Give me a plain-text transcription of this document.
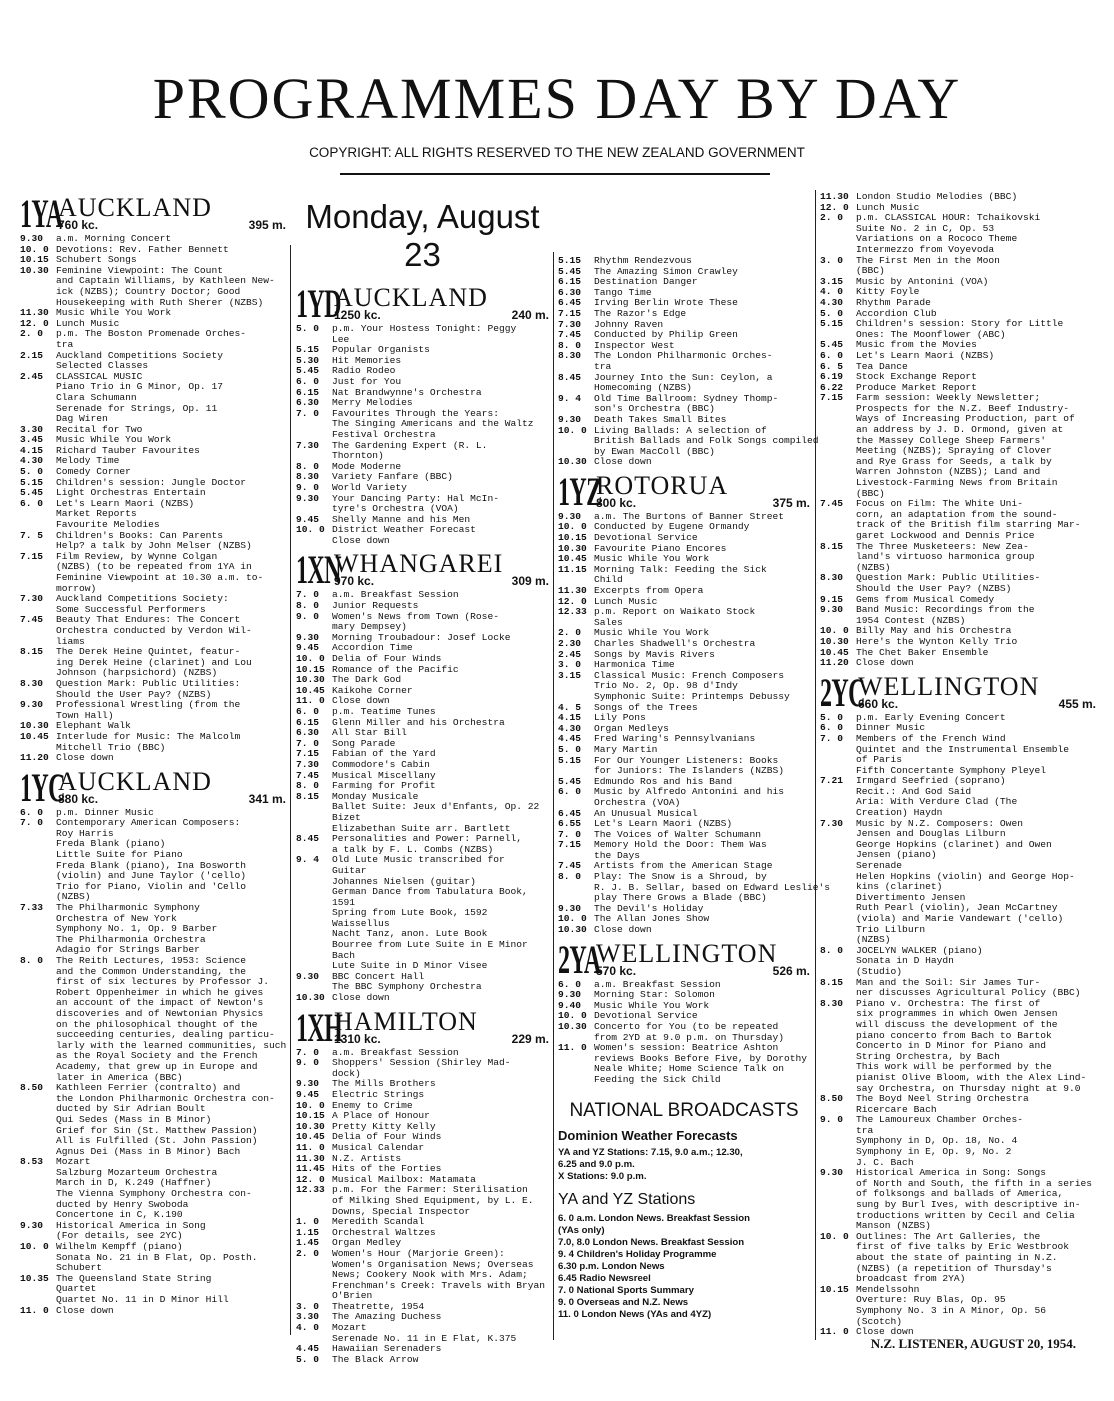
PROGRAMMES DAY BY DAY
COPYRIGHT: ALL RIGHTS RESERVED TO THE NEW ZEALAND GOVERNMENT
1YA
AUCKLAND
760 kc.	395 m.
9.30	a.m. Morning Concert
10. 0 Devotions: Rev. Father Bennett
10.15 Schubert Songs
10.30 Feminine Viewpoint: The Count
and Captain Williams, by Kathleen New-
ick (NZBS); Country Doctor; Good
Housekeeping with Ruth Sherer (NZBS)
11.30 Music While You Work
12. 0 Lunch Music
2. 0	p.m. The Boston Promenade Orches-
tra
2.15	Auckland Competitions Society
Selected Classes
2.45	CLASSICAL MUSIC
Piano Trio in G Minor, Op. 17
Clara Schumann
Serenade for Strings, Op. 11
Dag Wiren
3.30	Recital for Two
3.45	Music While You Work
4.15	Richard Tauber Favourites
4.30	Melody Time
5. 0	Comedy Corner
5.15	Children's session: Jungle Doctor
5.45	Light Orchestras Entertain
6. 0	Let's Learn Maori (NZBS)
Market Reports
Favourite Melodies
7. 5	Children's Books: Can Parents
Help? a talk by John Melser (NZBS)
7.15	Film Review, by Wynne Colgan
(NZBS) (to be repeated from 1YA in
Feminine Viewpoint at 10.30 a.m. to-
morrow)
7.30	Auckland Competitions Society:
Some Successful Performers
7.45	Beauty That Endures: The Concert
Orchestra conducted by Verdon Wil-
liams
8.15	The Derek Heine Quintet, featur-
ing Derek Heine (clarinet) and Lou
Johnson (harpsichord) (NZBS)
8.30	Question Mark: Public Utilities:
Should the User Pay? (NZBS)
9.30	Professional Wrestling (from the
Town Hall)
10.30 Elephant Walk
10.45 Interlude for Music: The Malcolm
Mitchell Trio (BBC)
11.20 Close down
1YC
AUCKLAND
880 kc.	341 m.
6. 0	p.m. Dinner Music
7. 0	Contemporary American Composers:
Roy Harris
Freda Blank (piano)
Little Suite for Piano
Freda Blank (piano), Ina Bosworth
(violin) and June Taylor ('cello)
Trio for Piano, Violin and 'Cello
(NZBS)
7.33	The Philharmonic Symphony
Orchestra of New York
Symphony No. 1, Op. 9 Barber
The Philharmonia Orchestra
Adagio for Strings Barber
8. 0	The Reith Lectures, 1953: Science
and the Common Understanding, the
first of six lectures by Professor J.
Robert Oppenheimer in which he gives
an account of the impact of Newton's
discoveries and of Newtonian Physics
on the philosophical thought of the
succeeding centuries, dealing particu-
larly with the learned communities, such
as the Royal Society and the French
Academy, that grew up in Europe and
later in America (BBC)
8.50	Kathleen Ferrier (contralto) and
the London Philharmonic Orchestra con-
ducted by Sir Adrian Boult
Qui Sedes (Mass in B Minor)
Grief for Sin (St. Matthew Passion)
All is Fulfilled (St. John Passion)
Agnus Dei (Mass in B Minor) Bach
8.53	Mozart
Salzburg Mozarteum Orchestra
March in D, K.249 (Haffner)
The Vienna Symphony Orchestra con-
ducted by Henry Swoboda
Concertone in C, K.190
9.30	Historical America in Song
(For details, see 2YC)
10. 0 Wilhelm Kempff (piano)
Sonata No. 21 in B Flat, Op. Posth.
Schubert
10.35 The Queensland State String
Quartet
Quartet No. 11 in D Minor Hill
11. 0 Close down
Monday, August 23
1YD
AUCKLAND
1250 kc.	240 m.
5. 0	p.m. Your Hostess Tonight: Peggy
Lee
5.15	Popular Organists
5.30	Hit Memories
5.45	Radio Rodeo
6. 0	Just for You
6.15	Nat Brandwynne's Orchestra
6.30	Merry Melodies
7. 0	Favourites Through the Years:
The Singing Americans and the Waltz
Festival Orchestra
7.30	The Gardening Expert (R. L.
Thornton)
8. 0	Mode Moderne
8.30	Variety Fanfare (BBC)
9. 0	World Variety
9.30	Your Dancing Party: Hal McIn-
tyre's Orchestra (VOA)
9.45	Shelly Manne and his Men
10. 0 District Weather Forecast
Close down
1XN
WHANGAREI
970 kc.	309 m.
7. 0	a.m. Breakfast Session
8. 0	Junior Requests
9. 0	Women's News from Town (Rose-
mary Dempsey)
9.30	Morning Troubadour: Josef Locke
9.45	Accordion Time
10. 0 Delia of Four Winds
10.15 Romance of the Pacific
10.30 The Dark God
10.45 Kaikohe Corner
11. 0 Close down
6. 0	p.m. Teatime Tunes
6.15	Glenn Miller and his Orchestra
6.30	All Star Bill
7. 0	Song Parade
7.15	Fabian of the Yard
7.30	Commodore's Cabin
7.45	Musical Miscellany
8. 0	Farming for Profit
8.15	Monday Musicale
Ballet Suite: Jeux d'Enfants, Op. 22
Bizet
Elizabethan Suite arr. Bartlett
8.45	Personalities and Power: Parnell,
a talk by F. L. Combs (NZBS)
9. 4	Old Lute Music transcribed for
Guitar
Johannes Nielsen (guitar)
German Dance from Tabulatura Book,
1591
Spring from Lute Book, 1592
Waissellus
Nacht Tanz, anon. Lute Book
Bourree from Lute Suite in E Minor
Bach
Lute Suite in D Minor Visee
9.30	BBC Concert Hall
The BBC Symphony Orchestra
10.30 Close down
1XH
HAMILTON
1310 kc.	229 m.
7. 0	a.m. Breakfast Session
9. 0	Shoppers' Session (Shirley Mad-
dock)
9.30	The Mills Brothers
9.45	Electric Strings
10. 0 Enemy to Crime
10.15 A Place of Honour
10.30 Pretty Kitty Kelly
10.45 Delia of Four Winds
11. 0 Musical Calendar
11.30 N.Z. Artists
11.45 Hits of the Forties
12. 0 Musical Mailbox: Matamata
12.33 p.m. For the Farmer: Sterilisation
of Milking Shed Equipment, by L. E.
Downs, Special Inspector
1. 0	Meredith Scandal
1.15	Orchestral Waltzes
1.45	Organ Medley
2. 0	Women's Hour (Marjorie Green):
Women's Organisation News; Overseas
News; Cookery Nook with Mrs. Adam;
Frenchman's Creek: Travels with Bryan
O'Brien
3. 0	Theatrette, 1954
3.30	The Amazing Duchess
4. 0	Mozart
Serenade No. 11 in E Flat, K.375
4.45	Hawaiian Serenaders
5. 0	The Black Arrow
5.15	Rhythm Rendezvous
5.45	The Amazing Simon Crawley
6.15	Destination Danger
6.30	Tango Time
6.45	Irving Berlin Wrote These
7.15	The Razor's Edge
7.30	Johnny Raven
7.45	Conducted by Philip Green
8. 0	Inspector West
8.30	The London Philharmonic Orches-
tra
8.45	Journey Into the Sun: Ceylon, a
Homecoming (NZBS)
9. 4	Old Time Ballroom: Sydney Thomp-
son's Orchestra (BBC)
9.30	Death Takes Small Bites
10. 0 Living Ballads: A selection of
British Ballads and Folk Songs compiled
by Ewan MacColl (BBC)
10.30 Close down
1YZ
ROTORUA
800 kc.	375 m.
9.30	a.m. The Burtons of Banner Street
10. 0 Conducted by Eugene Ormandy
10.15 Devotional Service
10.30 Favourite Piano Encores
10.45 Music While You Work
11.15 Morning Talk: Feeding the Sick
Child
11.30 Excerpts from Opera
12. 0 Lunch Music
12.33 p.m. Report on Waikato Stock
Sales
2. 0	Music While You Work
2.30	Charles Shadwell's Orchestra
2.45	Songs by Mavis Rivers
3. 0	Harmonica Time
3.15	Classical Music: French Composers
Trio No. 2, Op. 98 d'Indy
Symphonic Suite: Printemps Debussy
4. 5	Songs of the Trees
4.15	Lily Pons
4.30	Organ Medleys
4.45	Fred Waring's Pennsylvanians
5. 0	Mary Martin
5.15	For Our Younger Listeners: Books
for Juniors: The Islanders (NZBS)
5.45	Edmundo Ros and his Band
6. 0	Music by Alfredo Antonini and his
Orchestra (VOA)
6.45	An Unusual Musical
6.55	Let's Learn Maori (NZBS)
7. 0	The Voices of Walter Schumann
7.15	Memory Hold the Door: Them Was
the Days
7.45	Artists from the American Stage
8. 0	Play: The Snow is a Shroud, by
R. J. B. Sellar, based on Edward Leslie's
play There Grows a Blade (BBC)
9.30	The Devil's Holiday
10. 0 The Allan Jones Show
10.30 Close down
2YA
WELLINGTON
570 kc.	526 m.
6. 0	a.m. Breakfast Session
9.30	Morning Star: Solomon
9.40	Music While You Work
10. 0 Devotional Service
10.30 Concerto for You (to be repeated
from 2YD at 9.0 p.m. on Thursday)
11. 0 Women's session: Beatrice Ashton
reviews Books Before Five, by Dorothy
Neale White; Home Science Talk on
Feeding the Sick Child
NATIONAL BROADCASTS
Dominion Weather Forecasts
YA and YZ Stations: 7.15, 9.0 a.m.; 12.30,
6.25 and 9.0 p.m.
X Stations: 9.0 p.m.
YA and YZ Stations
6. 0 a.m. London News. Breakfast Session
(YAs only)
7.0, 8.0 London News. Breakfast Session
9. 4 Children's Holiday Programme
6.30 p.m. London News
6.45 Radio Newsreel
7. 0 National Sports Summary
9. 0 Overseas and N.Z. News
11. 0 London News (YAs and 4YZ)
11.30 London Studio Melodies (BBC)
12. 0 Lunch Music
2. 0	p.m. CLASSICAL HOUR: Tchaikovski
Suite No. 2 in C, Op. 53
Variations on a Rococo Theme
Intermezzo from Voyevoda
3. 0	The First Men in the Moon
(BBC)
3.15	Music by Antonini (VOA)
4. 0	Kitty Foyle
4.30	Rhythm Parade
5. 0	Accordion Club
5.15	Children's session: Story for Little
Ones: The Moonflower (ABC)
5.45	Music from the Movies
6. 0	Let's Learn Maori (NZBS)
6. 5	Tea Dance
6.19	Stock Exchange Report
6.22	Produce Market Report
7.15	Farm session: Weekly Newsletter;
Prospects for the N.Z. Beef Industry-
Ways of Increasing Production, part of
an address by J. D. Ormond, given at
the Massey College Sheep Farmers'
Meeting (NZBS); Spraying of Clover
and Rye Grass for Seeds, a talk by
Warren Johnston (NZBS); Land and
Livestock-Farming News from Britain
(BBC)
7.45	Focus on Film: The White Uni-
corn, an adaptation from the sound-
track of the British film starring Mar-
garet Lockwood and Dennis Price
8.15	The Three Musketeers: New Zea-
land's virtuoso harmonica group
(NZBS)
8.30	Question Mark: Public Utilities-
Should the User Pay? (NZBS)
9.15	Gems from Musical Comedy
9.30	Band Music: Recordings from the
1954 Contest (NZBS)
10. 0 Billy May and his Orchestra
10.30 Here's the Wynton Kelly Trio
10.45 The Chet Baker Ensemble
11.20 Close down
2YC
WELLINGTON
660 kc.	455 m.
5. 0	p.m. Early Evening Concert
6. 0	Dinner Music
7. 0	Members of the French Wind
Quintet and the Instrumental Ensemble
of Paris
Fifth Concertante Symphony Pleyel
7.21	Irmgard Seefried (soprano)
Recit.: And God Said
Aria: With Verdure Clad (The
Creation) Haydn
7.30	Music by N.Z. Composers: Owen
Jensen and Douglas Lilburn
George Hopkins (clarinet) and Owen
Jensen (piano)
Serenade
Helen Hopkins (violin) and George Hop-
kins (clarinet)
Divertimento Jensen
Ruth Pearl (violin), Jean McCartney
(viola) and Marie Vandewart ('cello)
Trio Lilburn
(NZBS)
8. 0	JOCELYN WALKER (piano)
Sonata in D Haydn
(Studio)
8.15	Man and the Soil: Sir James Tur-
ner discusses Agricultural Policy (BBC)
8.30	Piano v. Orchestra: The first of
six programmes in which Owen Jensen
will discuss the development of the
piano concerto from Bach to Bartok
Concerto in D Minor for Piano and
String Orchestra, by Bach
This work will be performed by the
pianist Olive Bloom, with the Alex Lind-
say Orchestra, on Thursday night at 9.0
8.50	The Boyd Neel String Orchestra
Ricercare Bach
9. 0	The Lamoureux Chamber Orches-
tra
Symphony in D, Op. 18, No. 4
Symphony in E, Op. 9, No. 2
J. C. Bach
9.30	Historical America in Song: Songs
of North and South, the fifth in a series
of folksongs and ballads of America,
sung by Burl Ives, with descriptive in-
troductions written by Cecil and Celia
Manson (NZBS)
10. 0 Outlines: The Art Galleries, the
first of five talks by Eric Westbrook
about the state of painting in N.Z.
(NZBS) (a repetition of Thursday's
broadcast from 2YA)
10.15 Mendelssohn
Overture: Ruy Blas, Op. 95
Symphony No. 3 in A Minor, Op. 56
(Scotch)
11. 0 Close down
N.Z. LISTENER, AUGUST 20, 1954.
